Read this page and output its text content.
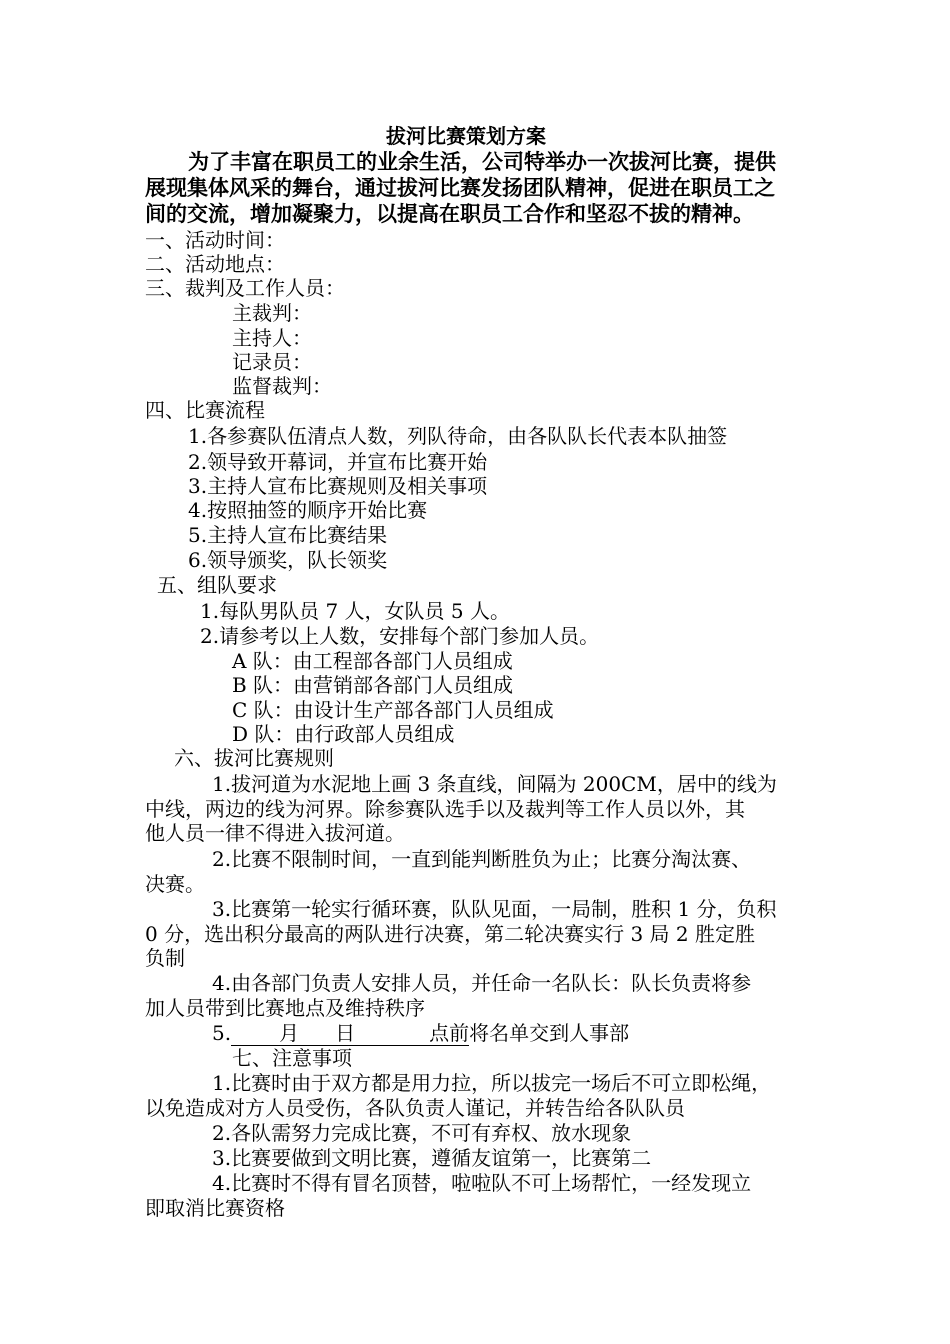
拔河比赛策划方案
为了丰富在职员工的业余生活，公司特举办一次拔河比赛，提供
展现集体风采的舞台，通过拔河比赛发扬团队精神，促进在职员工之
间的交流，增加凝聚力，以提高在职员工合作和坚忍不拔的精神。
一、活动时间：
二、活动地点：
三、裁判及工作人员：
主裁判：
主持人：
记录员：
监督裁判：
四、比赛流程
1.各参赛队伍清点人数，列队待命，由各队队长代表本队抽签
2.领导致开幕词，并宣布比赛开始
3.主持人宣布比赛规则及相关事项
4.按照抽签的顺序开始比赛
5.主持人宣布比赛结果
6.领导颁奖，队长领奖
五、组队要求
1.每队男队员 7 人，女队员 5 人。
2.请参考以上人数，安排每个部门参加人员。
A 队：由工程部各部门人员组成
B 队：由营销部各部门人员组成
C 队：由设计生产部各部门人员组成
D 队：由行政部人员组成
六、拔河比赛规则
1.拔河道为水泥地上画 3 条直线，间隔为 200CM，居中的线为
中线，两边的线为河界。除参赛队选手以及裁判等工作人员以外，其
他人员一律不得进入拔河道。
2.比赛不限制时间，一直到能判断胜负为止；比赛分淘汰赛、
决赛。
3.比赛第一轮实行循环赛，队队见面，一局制，胜积 1 分，负积
0 分，选出积分最高的两队进行决赛，第二轮决赛实行 3 局 2 胜定胜
负制
4.由各部门负责人安排人员，并任命一名队长：队长负责将参
加人员带到比赛地点及维持秩序
5. 月 日	点前将名单交到人事部
七、注意事项
1.比赛时由于双方都是用力拉，所以拔完一场后不可立即松绳，
以免造成对方人员受伤，各队负责人谨记，并转告给各队队员
2.各队需努力完成比赛，不可有弃权、放水现象
3.比赛要做到文明比赛，遵循友谊第一，比赛第二
4.比赛时不得有冒名顶替，啦啦队不可上场帮忙，一经发现立
即取消比赛资格
